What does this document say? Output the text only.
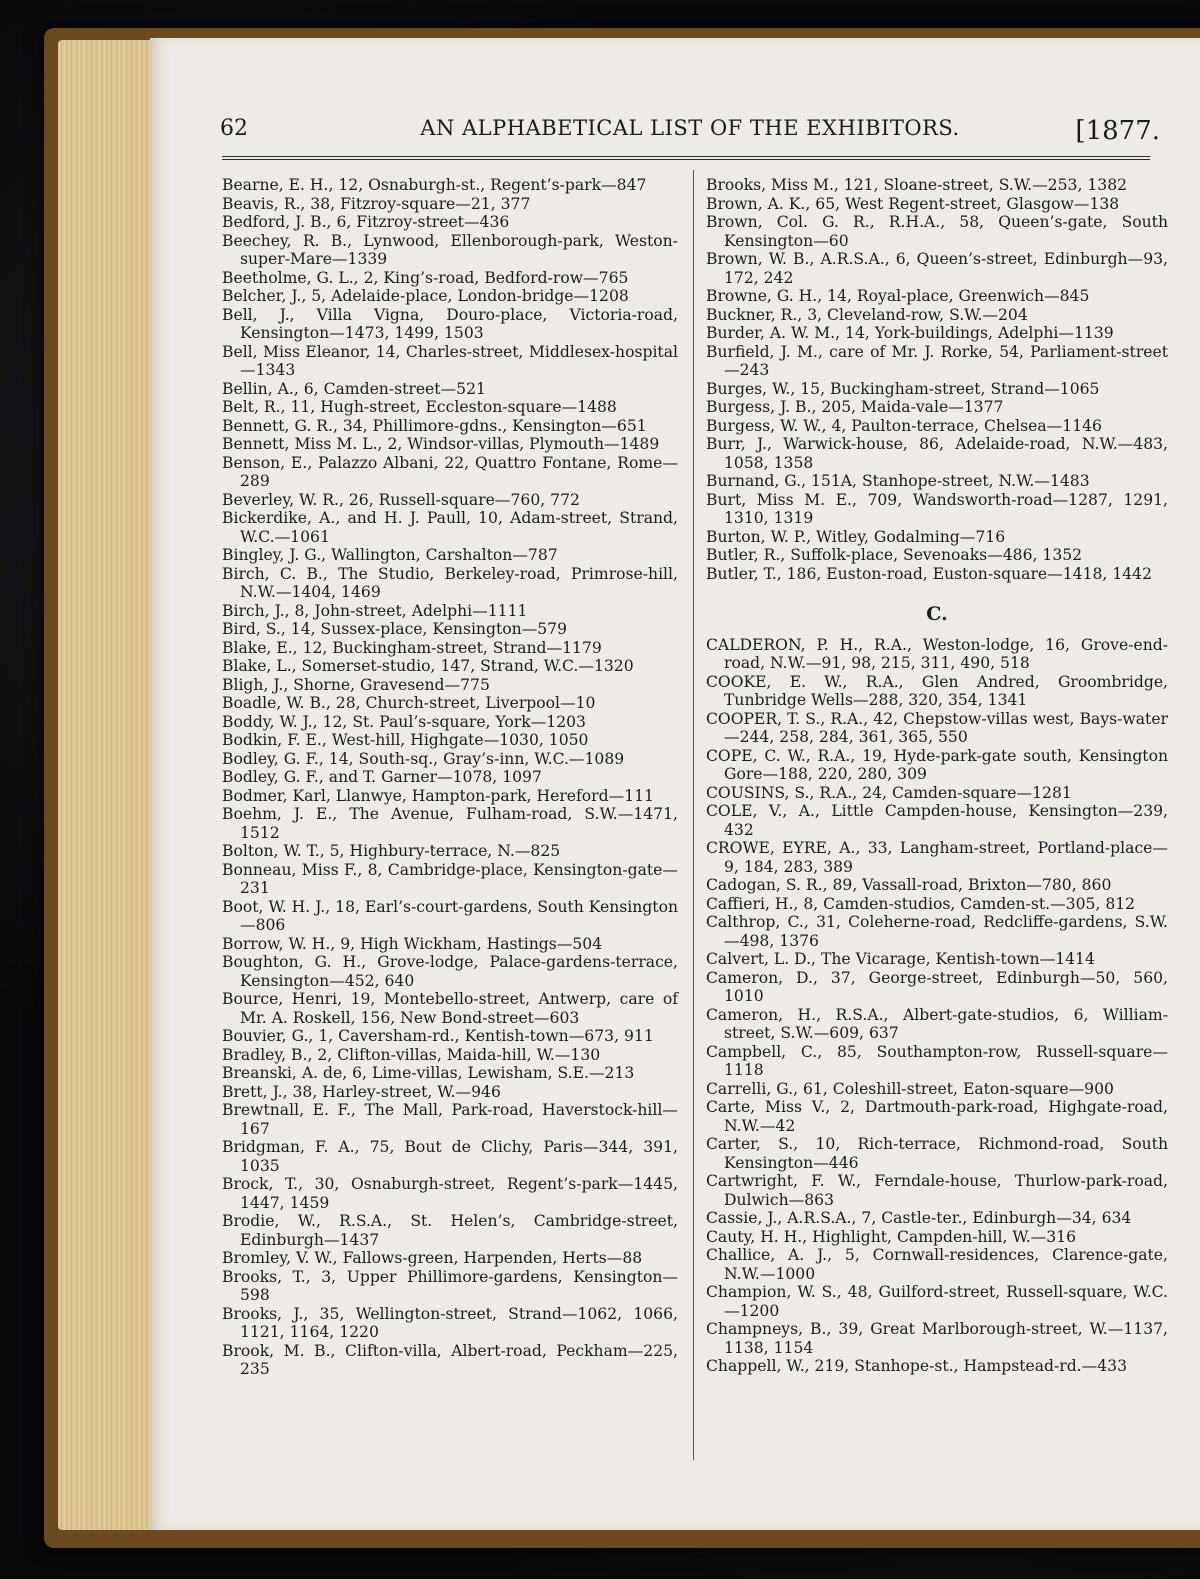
62	AN ALPHABETICAL LIST OF THE EXHIBITORS.	[1877.
Bearne, E. H., 12, Osnaburgh-st., Regent’s-park—847
Beavis, R., 38, Fitzroy-square—21, 377
Bedford, J. B., 6, Fitzroy-street—436
Beechey, R. B., Lynwood, Ellenborough-park, Weston-super-Mare—1339
Beetholme, G. L., 2, King’s-road, Bedford-row—765
Belcher, J., 5, Adelaide-place, London-bridge—1208
Bell, J., Villa Vigna, Douro-place, Victoria-road, Kensington—1473, 1499, 1503
Bell, Miss Eleanor, 14, Charles-street, Middlesex-hospital—1343
Bellin, A., 6, Camden-street—521
Belt, R., 11, Hugh-street, Eccleston-square—1488
Bennett, G. R., 34, Phillimore-gdns., Kensington—651
Bennett, Miss M. L., 2, Windsor-villas, Plymouth—1489
Benson, E., Palazzo Albani, 22, Quattro Fontane, Rome—289
Beverley, W. R., 26, Russell-square—760, 772
Bickerdike, A., and H. J. Paull, 10, Adam-street, Strand, W.C.—1061
Bingley, J. G., Wallington, Carshalton—787
Birch, C. B., The Studio, Berkeley-road, Primrose-hill, N.W.—1404, 1469
Birch, J., 8, John-street, Adelphi—1111
Bird, S., 14, Sussex-place, Kensington—579
Blake, E., 12, Buckingham-street, Strand—1179
Blake, L., Somerset-studio, 147, Strand, W.C.—1320
Bligh, J., Shorne, Gravesend—775
Boadle, W. B., 28, Church-street, Liverpool—10
Boddy, W. J., 12, St. Paul’s-square, York—1203
Bodkin, F. E., West-hill, Highgate—1030, 1050
Bodley, G. F., 14, South-sq., Gray’s-inn, W.C.—1089
Bodley, G. F., and T. Garner—1078, 1097
Bodmer, Karl, Llanwye, Hampton-park, Hereford—111
Boehm, J. E., The Avenue, Fulham-road, S.W.—1471, 1512
Bolton, W. T., 5, Highbury-terrace, N.—825
Bonneau, Miss F., 8, Cambridge-place, Kensington-gate—231
Boot, W. H. J., 18, Earl’s-court-gardens, South Kensington—806
Borrow, W. H., 9, High Wickham, Hastings—504
Boughton, G. H., Grove-lodge, Palace-gardens-terrace, Kensington—452, 640
Bource, Henri, 19, Montebello-street, Antwerp, care of Mr. A. Roskell, 156, New Bond-street—603
Bouvier, G., 1, Caversham-rd., Kentish-town—673, 911
Bradley, B., 2, Clifton-villas, Maida-hill, W.—130
Breanski, A. de, 6, Lime-villas, Lewisham, S.E.—213
Brett, J., 38, Harley-street, W.—946
Brewtnall, E. F., The Mall, Park-road, Haverstock-hill—167
Bridgman, F. A., 75, Bout de Clichy, Paris—344, 391, 1035
Brock, T., 30, Osnaburgh-street, Regent’s-park—1445, 1447, 1459
Brodie, W., R.S.A., St. Helen’s, Cambridge-street, Edinburgh—1437
Bromley, V. W., Fallows-green, Harpenden, Herts—88
Brooks, T., 3, Upper Phillimore-gardens, Kensington—598
Brooks, J., 35, Wellington-street, Strand—1062, 1066, 1121, 1164, 1220
Brook, M. B., Clifton-villa, Albert-road, Peckham—225, 235
Brooks, Miss M., 121, Sloane-street, S.W.—253, 1382
Brown, A. K., 65, West Regent-street, Glasgow—138
Brown, Col. G. R., R.H.A., 58, Queen’s-gate, South Kensington—60
Brown, W. B., A.R.S.A., 6, Queen’s-street, Edinburgh—93, 172, 242
Browne, G. H., 14, Royal-place, Greenwich—845
Buckner, R., 3, Cleveland-row, S.W.—204
Burder, A. W. M., 14, York-buildings, Adelphi—1139
Burfield, J. M., care of Mr. J. Rorke, 54, Parliament-street—243
Burges, W., 15, Buckingham-street, Strand—1065
Burgess, J. B., 205, Maida-vale—1377
Burgess, W. W., 4, Paulton-terrace, Chelsea—1146
Burr, J., Warwick-house, 86, Adelaide-road, N.W.—483, 1058, 1358
Burnand, G., 151A, Stanhope-street, N.W.—1483
Burt, Miss M. E., 709, Wandsworth-road—1287, 1291, 1310, 1319
Burton, W. P., Witley, Godalming—716
Butler, R., Suffolk-place, Sevenoaks—486, 1352
Butler, T., 186, Euston-road, Euston-square—1418, 1442
C.
CALDERON, P. H., R.A., Weston-lodge, 16, Grove-end-road, N.W.—91, 98, 215, 311, 490, 518
COOKE, E. W., R.A., Glen Andred, Groombridge, Tunbridge Wells—288, 320, 354, 1341
COOPER, T. S., R.A., 42, Chepstow-villas west, Bays-water—244, 258, 284, 361, 365, 550
COPE, C. W., R.A., 19, Hyde-park-gate south, Kensington Gore—188, 220, 280, 309
COUSINS, S., R.A., 24, Camden-square—1281
COLE, V., A., Little Campden-house, Kensington—239, 432
CROWE, EYRE, A., 33, Langham-street, Portland-place—9, 184, 283, 389
Cadogan, S. R., 89, Vassall-road, Brixton—780, 860
Caffieri, H., 8, Camden-studios, Camden-st.—305, 812
Calthrop, C., 31, Coleherne-road, Redcliffe-gardens, S.W.—498, 1376
Calvert, L. D., The Vicarage, Kentish-town—1414
Cameron, D., 37, George-street, Edinburgh—50, 560, 1010
Cameron, H., R.S.A., Albert-gate-studios, 6, William-street, S.W.—609, 637
Campbell, C., 85, Southampton-row, Russell-square—1118
Carrelli, G., 61, Coleshill-street, Eaton-square—900
Carte, Miss V., 2, Dartmouth-park-road, Highgate-road, N.W.—42
Carter, S., 10, Rich-terrace, Richmond-road, South Kensington—446
Cartwright, F. W., Ferndale-house, Thurlow-park-road, Dulwich—863
Cassie, J., A.R.S.A., 7, Castle-ter., Edinburgh—34, 634
Cauty, H. H., Highlight, Campden-hill, W.—316
Challice, A. J., 5, Cornwall-residences, Clarence-gate, N.W.—1000
Champion, W. S., 48, Guilford-street, Russell-square, W.C.—1200
Champneys, B., 39, Great Marlborough-street, W.—1137, 1138, 1154
Chappell, W., 219, Stanhope-st., Hampstead-rd.—433
